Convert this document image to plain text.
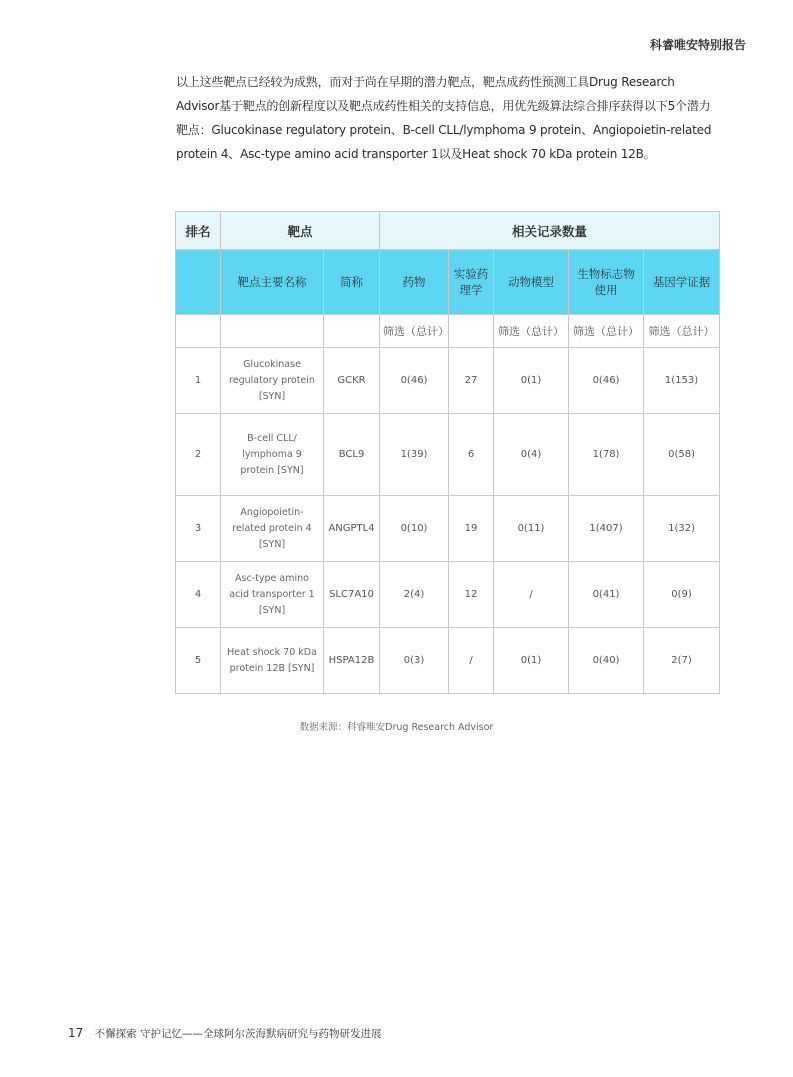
科睿唯安特别报告

以上这些靶点已经较为成熟，而对于尚在早期的潜力靶点，靶点成药性预测工具Drug Research Advisor基于靶点的创新程度以及靶点成药性相关的支持信息，用优先级算法综合排序获得以下5个潜力靶点：Glucokinase regulatory protein、B-cell CLL/lymphoma 9 protein、Angiopoietin-related protein 4、Asc-type amino acid transporter 1以及Heat shock 70 kDa protein 12B。

排名	靶点		相关记录数量				
	靶点主要名称	简称	药物	实验药理学	动物模型	生物标志物使用	基因学证据
			筛选（总计）		筛选（总计）	筛选（总计）	筛选（总计）
1	Glucokinase regulatory protein [SYN]	GCKR	0(46)	27	0(1)	0(46)	1(153)
2	B-cell CLL/ lymphoma 9 protein [SYN]	BCL9	1(39)	6	0(4)	1(78)	0(58)
3	Angiopoietin-related protein 4 [SYN]	ANGPTL4	0(10)	19	0(11)	1(407)	1(32)
4	Asc-type amino acid transporter 1 [SYN]	SLC7A10	2(4)	12	/	0(41)	0(9)
5	Heat shock 70 kDa protein 12B [SYN]	HSPA12B	0(3)	/	0(1)	0(40)	2(7)
数据来源：科睿唯安Drug Research Advisor
17 不懈探索 守护记忆——全球阿尔茨海默病研究与药物研发进展
